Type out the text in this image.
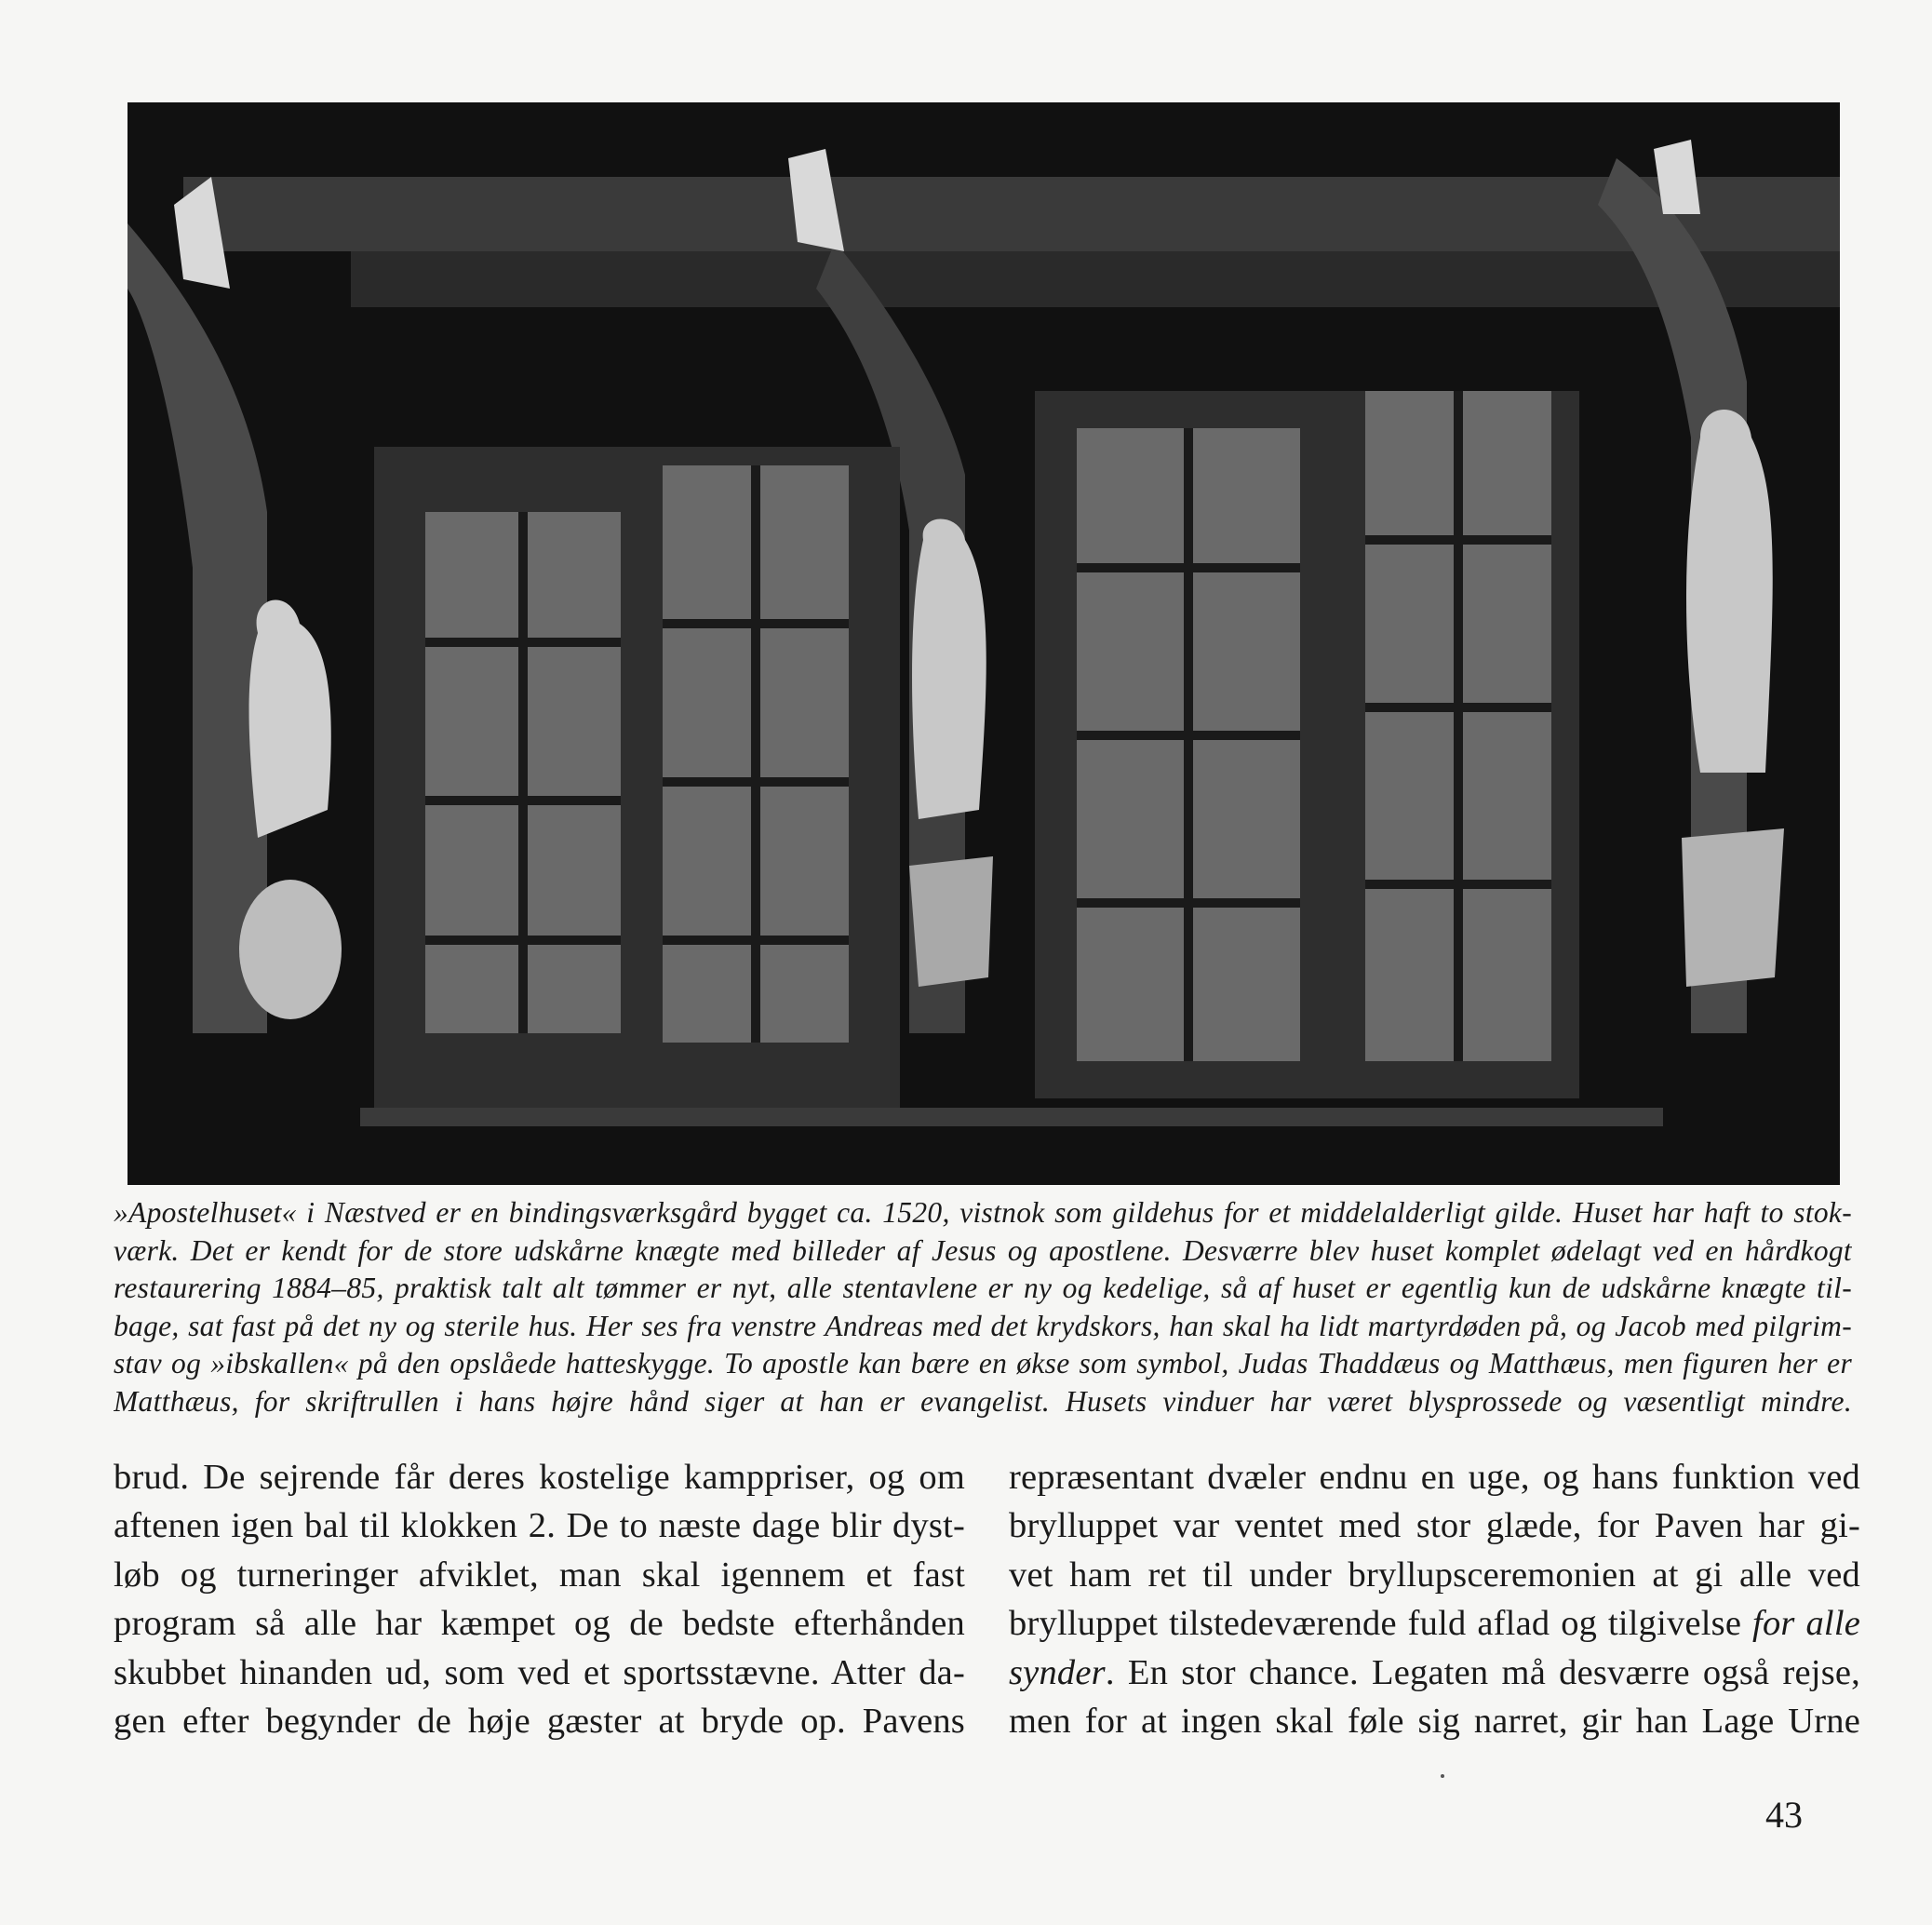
»Apostelhuset« i Næstved er en bindingsværksgård bygget ca. 1520, vistnok som gildehus for et middelalderligt gilde. Huset har haft to stok-
værk. Det er kendt for de store udskårne knægte med billeder af Jesus og apostlene. Desværre blev huset komplet ødelagt ved en hårdkogt
restaurering 1884–85, praktisk talt alt tømmer er nyt, alle stentavlene er ny og kedelige, så af huset er egentlig kun de udskårne knægte til-
bage, sat fast på det ny og sterile hus. Her ses fra venstre Andreas med det krydskors, han skal ha lidt martyrdøden på, og Jacob med pilgrim-
stav og »ibskallen« på den opslåede hatteskygge. To apostle kan bære en økse som symbol, Judas Thaddæus og Matthæus, men figuren her er
Matthæus, for skriftrullen i hans højre hånd siger at han er evangelist. Husets vinduer har været blysprossede og væsentligt mindre.
brud. De sejrende får deres kostelige kamppriser, og om
aftenen igen bal til klokken 2. De to næste dage blir dyst-
løb og turneringer afviklet, man skal igennem et fast
program så alle har kæmpet og de bedste efterhånden
skubbet hinanden ud, som ved et sportsstævne. Atter da-
gen efter begynder de høje gæster at bryde op. Pavens
repræsentant dvæler endnu en uge, og hans funktion ved
brylluppet var ventet med stor glæde, for Paven har gi-
vet ham ret til under bryllupsceremonien at gi alle ved
brylluppet tilstedeværende fuld aflad og tilgivelse for alle
synder. En stor chance. Legaten må desværre også rejse,
men for at ingen skal føle sig narret, gir han Lage Urne
43
